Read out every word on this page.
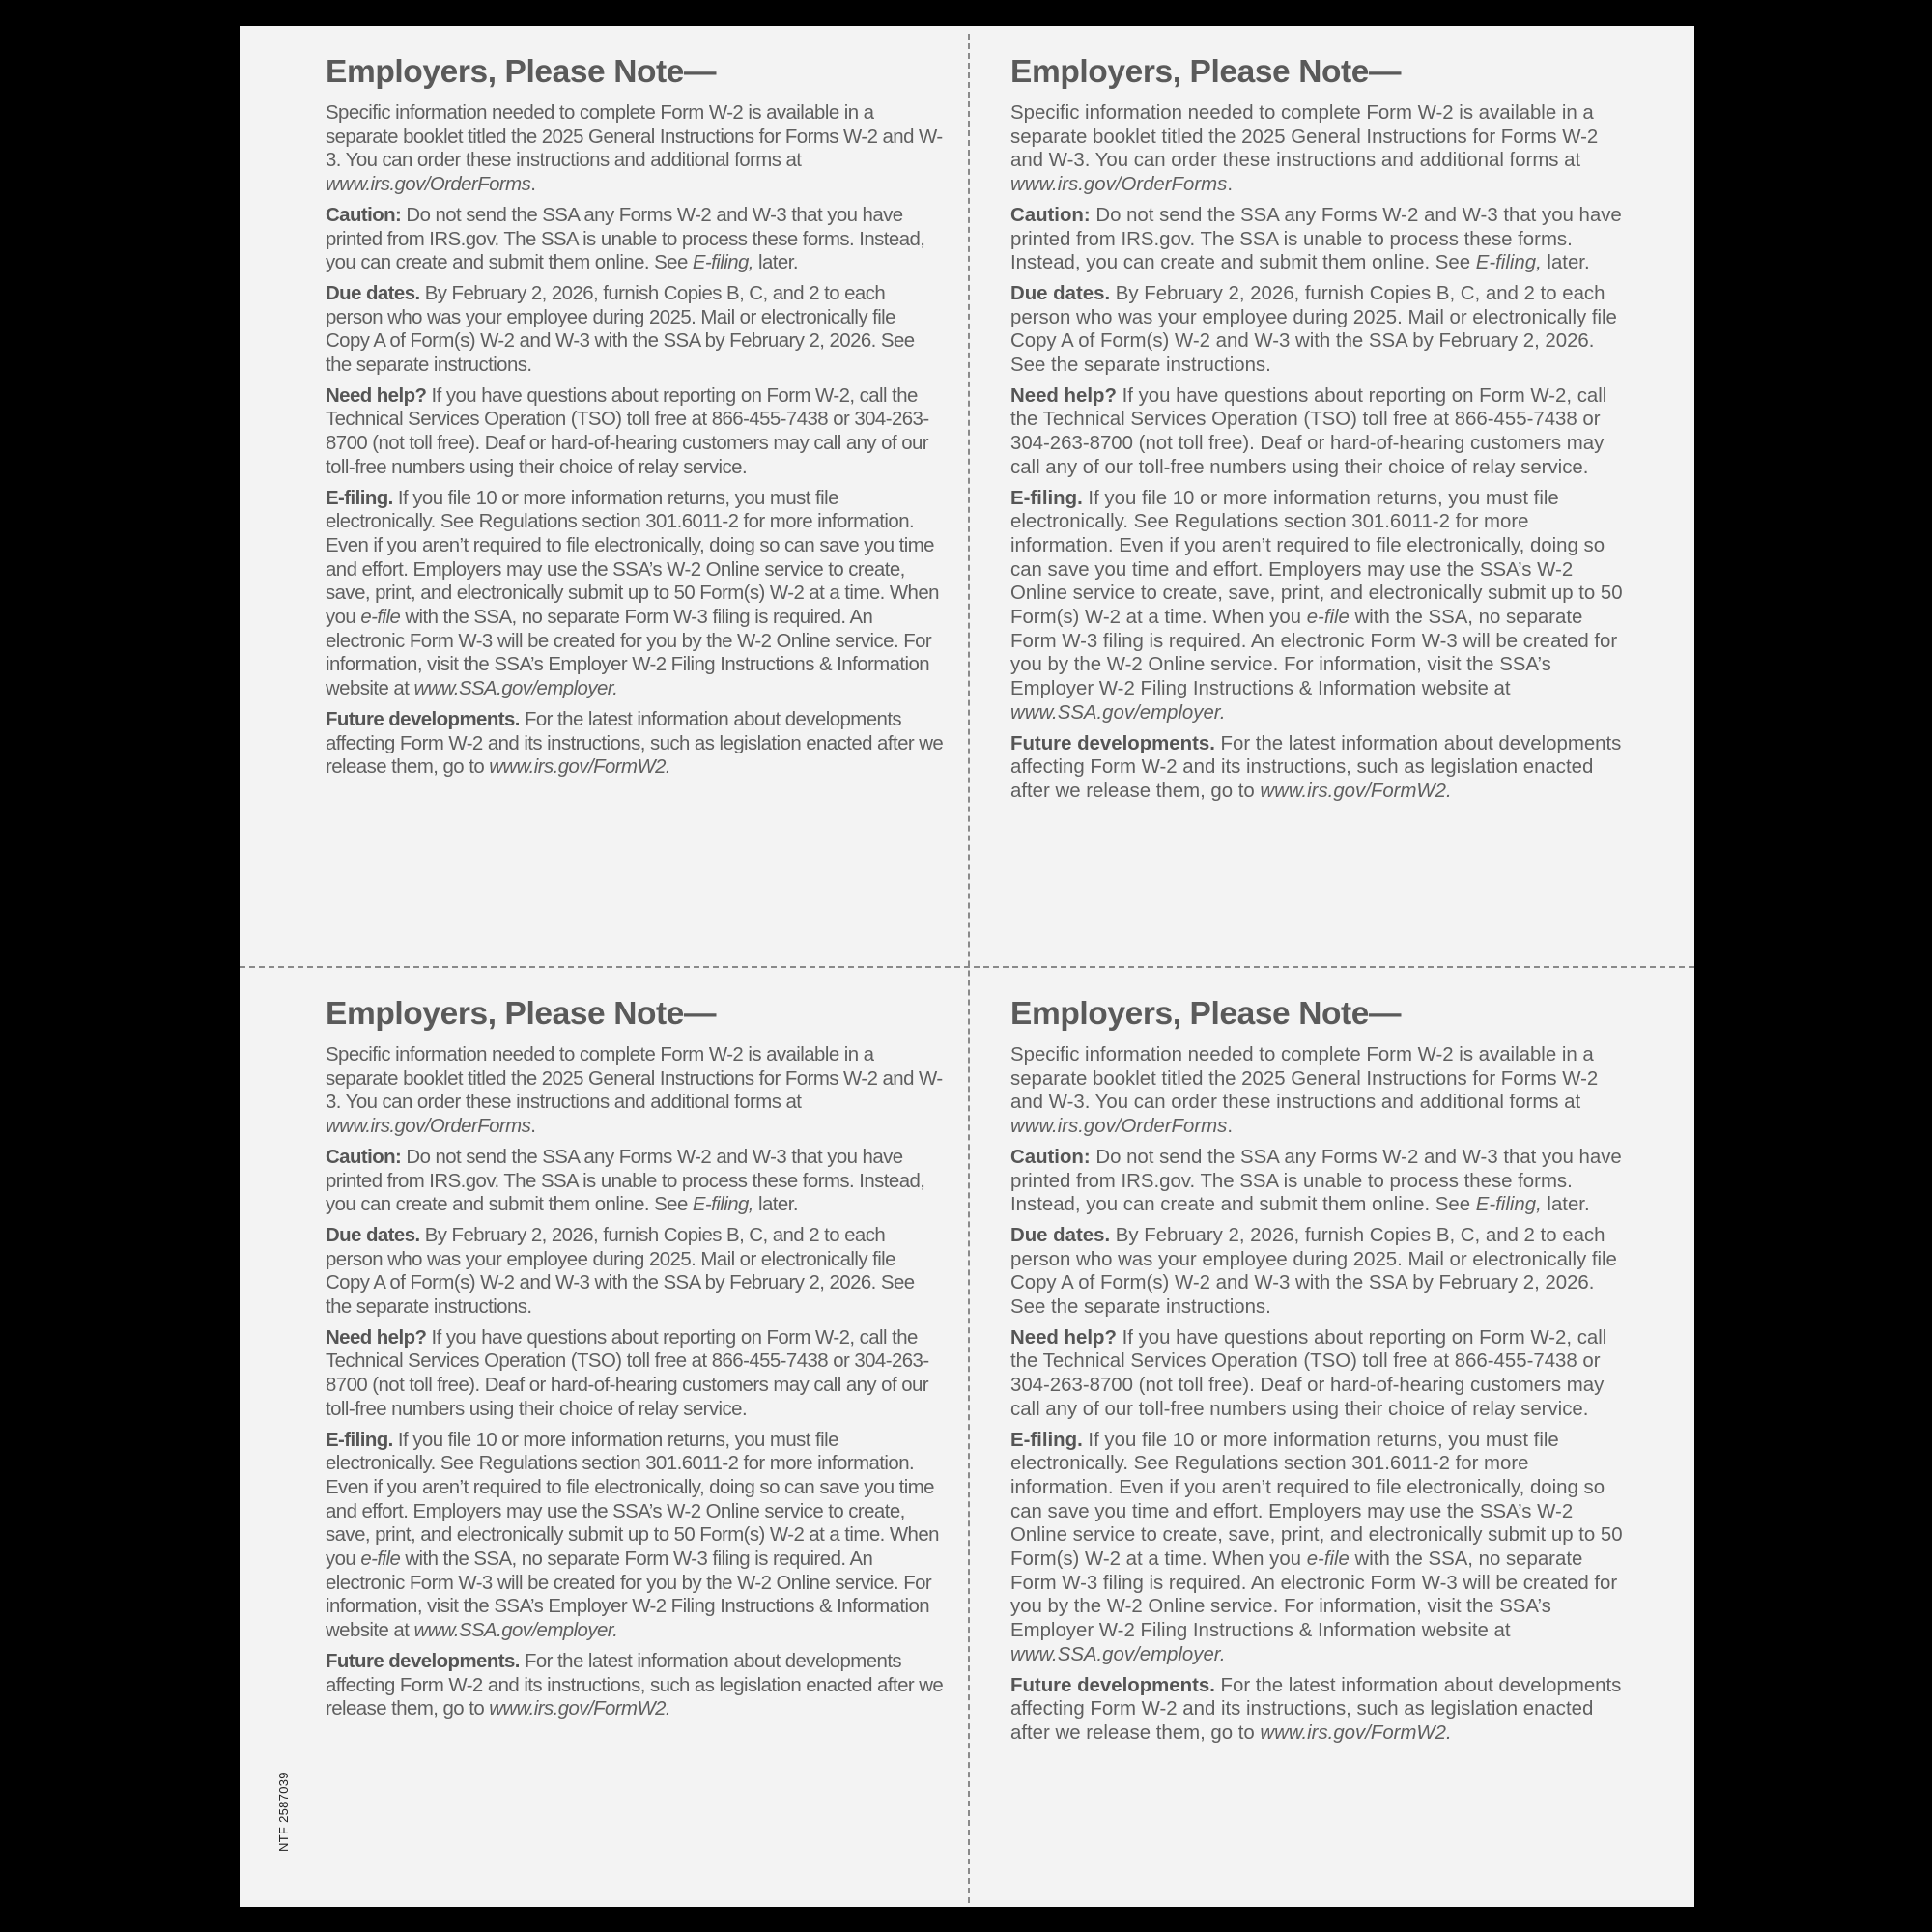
Employers, Please Note—

Specific information needed to complete Form W-2 is available in a separate booklet titled the 2025 General Instructions for Forms W-2 and W-3. You can order these instructions and additional forms at www.irs.gov/OrderForms.

Caution: Do not send the SSA any Forms W-2 and W-3 that you have printed from IRS.gov. The SSA is unable to process these forms. Instead, you can create and submit them online. See E-filing, later.

Due dates. By February 2, 2026, furnish Copies B, C, and 2 to each person who was your employee during 2025. Mail or electronically file Copy A of Form(s) W-2 and W-3 with the SSA by February 2, 2026. See the separate instructions.

Need help? If you have questions about reporting on Form W-2, call the Technical Services Operation (TSO) toll free at 866-455-7438 or 304-263-8700 (not toll free). Deaf or hard-of-hearing customers may call any of our toll-free numbers using their choice of relay service.

E-filing. If you file 10 or more information returns, you must file electronically. See Regulations section 301.6011-2 for more information. Even if you aren’t required to file electronically, doing so can save you time and effort. Employers may use the SSA’s W-2 Online service to create, save, print, and electronically submit up to 50 Form(s) W-2 at a time. When you e-file with the SSA, no separate Form W-3 filing is required. An electronic Form W-3 will be created for you by the W-2 Online service. For information, visit the SSA’s Employer W-2 Filing Instructions & Information website at www.SSA.gov/employer.

Future developments. For the latest information about developments affecting Form W-2 and its instructions, such as legislation enacted after we release them, go to www.irs.gov/FormW2.

Employers, Please Note—

Specific information needed to complete Form W-2 is available in a separate booklet titled the 2025 General Instructions for Forms W-2 and W-3. You can order these instructions and additional forms at www.irs.gov/OrderForms.

Caution: Do not send the SSA any Forms W-2 and W-3 that you have printed from IRS.gov. The SSA is unable to process these forms. Instead, you can create and submit them online. See E-filing, later.

Due dates. By February 2, 2026, furnish Copies B, C, and 2 to each person who was your employee during 2025. Mail or electronically file Copy A of Form(s) W-2 and W-3 with the SSA by February 2, 2026. See the separate instructions.

Need help? If you have questions about reporting on Form W-2, call the Technical Services Operation (TSO) toll free at 866-455-7438 or 304-263-8700 (not toll free). Deaf or hard-of-hearing customers may call any of our toll-free numbers using their choice of relay service.

E-filing. If you file 10 or more information returns, you must file electronically. See Regulations section 301.6011-2 for more information. Even if you aren’t required to file electronically, doing so can save you time and effort. Employers may use the SSA’s W-2 Online service to create, save, print, and electronically submit up to 50 Form(s) W-2 at a time. When you e-file with the SSA, no separate Form W-3 filing is required. An electronic Form W-3 will be created for you by the W-2 Online service. For information, visit the SSA’s Employer W-2 Filing Instructions & Information website at www.SSA.gov/employer.

Future developments. For the latest information about developments affecting Form W-2 and its instructions, such as legislation enacted after we release them, go to www.irs.gov/FormW2.

Employers, Please Note—

Specific information needed to complete Form W-2 is available in a separate booklet titled the 2025 General Instructions for Forms W-2 and W-3. You can order these instructions and additional forms at www.irs.gov/OrderForms.

Caution: Do not send the SSA any Forms W-2 and W-3 that you have printed from IRS.gov. The SSA is unable to process these forms. Instead, you can create and submit them online. See E-filing, later.

Due dates. By February 2, 2026, furnish Copies B, C, and 2 to each person who was your employee during 2025. Mail or electronically file Copy A of Form(s) W-2 and W-3 with the SSA by February 2, 2026. See the separate instructions.

Need help? If you have questions about reporting on Form W-2, call the Technical Services Operation (TSO) toll free at 866-455-7438 or 304-263-8700 (not toll free). Deaf or hard-of-hearing customers may call any of our toll-free numbers using their choice of relay service.

E-filing. If you file 10 or more information returns, you must file electronically. See Regulations section 301.6011-2 for more information. Even if you aren’t required to file electronically, doing so can save you time and effort. Employers may use the SSA’s W-2 Online service to create, save, print, and electronically submit up to 50 Form(s) W-2 at a time. When you e-file with the SSA, no separate Form W-3 filing is required. An electronic Form W-3 will be created for you by the W-2 Online service. For information, visit the SSA’s Employer W-2 Filing Instructions & Information website at www.SSA.gov/employer.

Future developments. For the latest information about developments affecting Form W-2 and its instructions, such as legislation enacted after we release them, go to www.irs.gov/FormW2.

Employers, Please Note—

Specific information needed to complete Form W-2 is available in a separate booklet titled the 2025 General Instructions for Forms W-2 and W-3. You can order these instructions and additional forms at www.irs.gov/OrderForms.

Caution: Do not send the SSA any Forms W-2 and W-3 that you have printed from IRS.gov. The SSA is unable to process these forms. Instead, you can create and submit them online. See E-filing, later.

Due dates. By February 2, 2026, furnish Copies B, C, and 2 to each person who was your employee during 2025. Mail or electronically file Copy A of Form(s) W-2 and W-3 with the SSA by February 2, 2026. See the separate instructions.

Need help? If you have questions about reporting on Form W-2, call the Technical Services Operation (TSO) toll free at 866-455-7438 or 304-263-8700 (not toll free). Deaf or hard-of-hearing customers may call any of our toll-free numbers using their choice of relay service.

E-filing. If you file 10 or more information returns, you must file electronically. See Regulations section 301.6011-2 for more information. Even if you aren’t required to file electronically, doing so can save you time and effort. Employers may use the SSA’s W-2 Online service to create, save, print, and electronically submit up to 50 Form(s) W-2 at a time. When you e-file with the SSA, no separate Form W-3 filing is required. An electronic Form W-3 will be created for you by the W-2 Online service. For information, visit the SSA’s Employer W-2 Filing Instructions & Information website at www.SSA.gov/employer.

Future developments. For the latest information about developments affecting Form W-2 and its instructions, such as legislation enacted after we release them, go to www.irs.gov/FormW2.

NTF 2587039
